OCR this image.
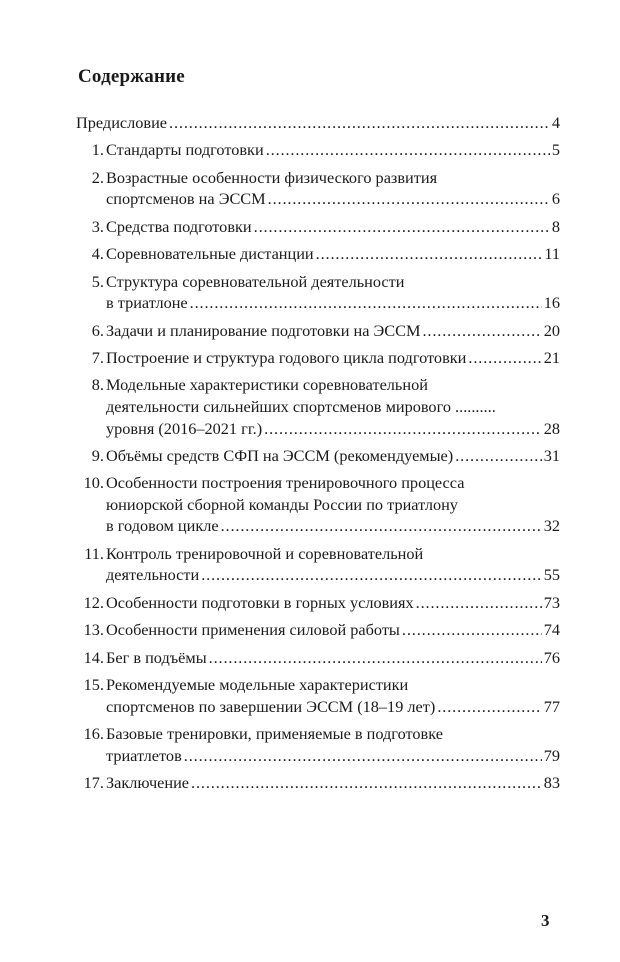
Содержание
Предисловие . . .	4
1. Стандарты подготовки . . .	5
2. Возрастные особенности физического развития
спортсменов на ЭССМ . . .	6
3. Средства подготовки . . .	8
4. Соревновательные дистанции . . .	11
5. Структура соревновательной деятельности
в триатлоне . . .	16
6. Задачи и планирование подготовки на ЭССМ . . .	20
7. Построение и структура годового цикла подготовки . . .	21
8. Модельные характеристики соревновательной
деятельности сильнейших спортсменов мирового ..........
уровня (2016–2021 гг.) . . .	28
9. Объёмы средств СФП на ЭССМ (рекомендуемые) . . .	31
10. Особенности построения тренировочного процесса
юниорской сборной команды России по триатлону
в годовом цикле . . .	32
11. Контроль тренировочной и соревновательной
деятельности . . .	55
12. Особенности подготовки в горных условиях . . .	73
13. Особенности применения силовой работы . . .	74
14. Бег в подъёмы . . .	76
15. Рекомендуемые модельные характеристики
спортсменов по завершении ЭССМ (18–19 лет) . . .	77
16. Базовые тренировки, применяемые в подготовке
триатлетов . . .	79
17. Заключение . . .	83
3
